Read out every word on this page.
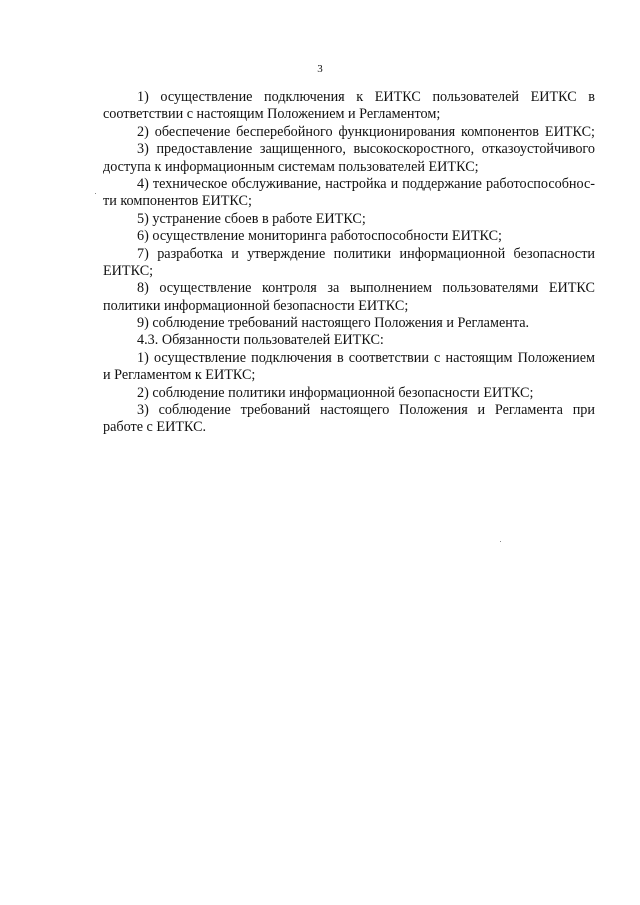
3
1) осуществление подключения к ЕИТКС пользователей ЕИТКС в
соответствии с настоящим Положением и Регламентом;
2) обеспечение бесперебойного функционирования компонентов ЕИТКС;
3) предоставление защищенного, высокоскоростного, отказоустойчивого
доступа к информационным системам пользователей ЕИТКС;
4) техническое обслуживание, настройка и поддержание работоспособнос-
ти компонентов ЕИТКС;
5) устранение сбоев в работе ЕИТКС;
6) осуществление мониторинга работоспособности ЕИТКС;
7) разработка и утверждение политики информационной безопасности
ЕИТКС;
8) осуществление контроля за выполнением пользователями ЕИТКС
политики информационной безопасности ЕИТКС;
9) соблюдение требований настоящего Положения и Регламента.
4.3. Обязанности пользователей ЕИТКС:
1) осуществление подключения в соответствии с настоящим Положением
и Регламентом к ЕИТКС;
2) соблюдение политики информационной безопасности ЕИТКС;
3) соблюдение требований настоящего Положения и Регламента при
работе с ЕИТКС.
